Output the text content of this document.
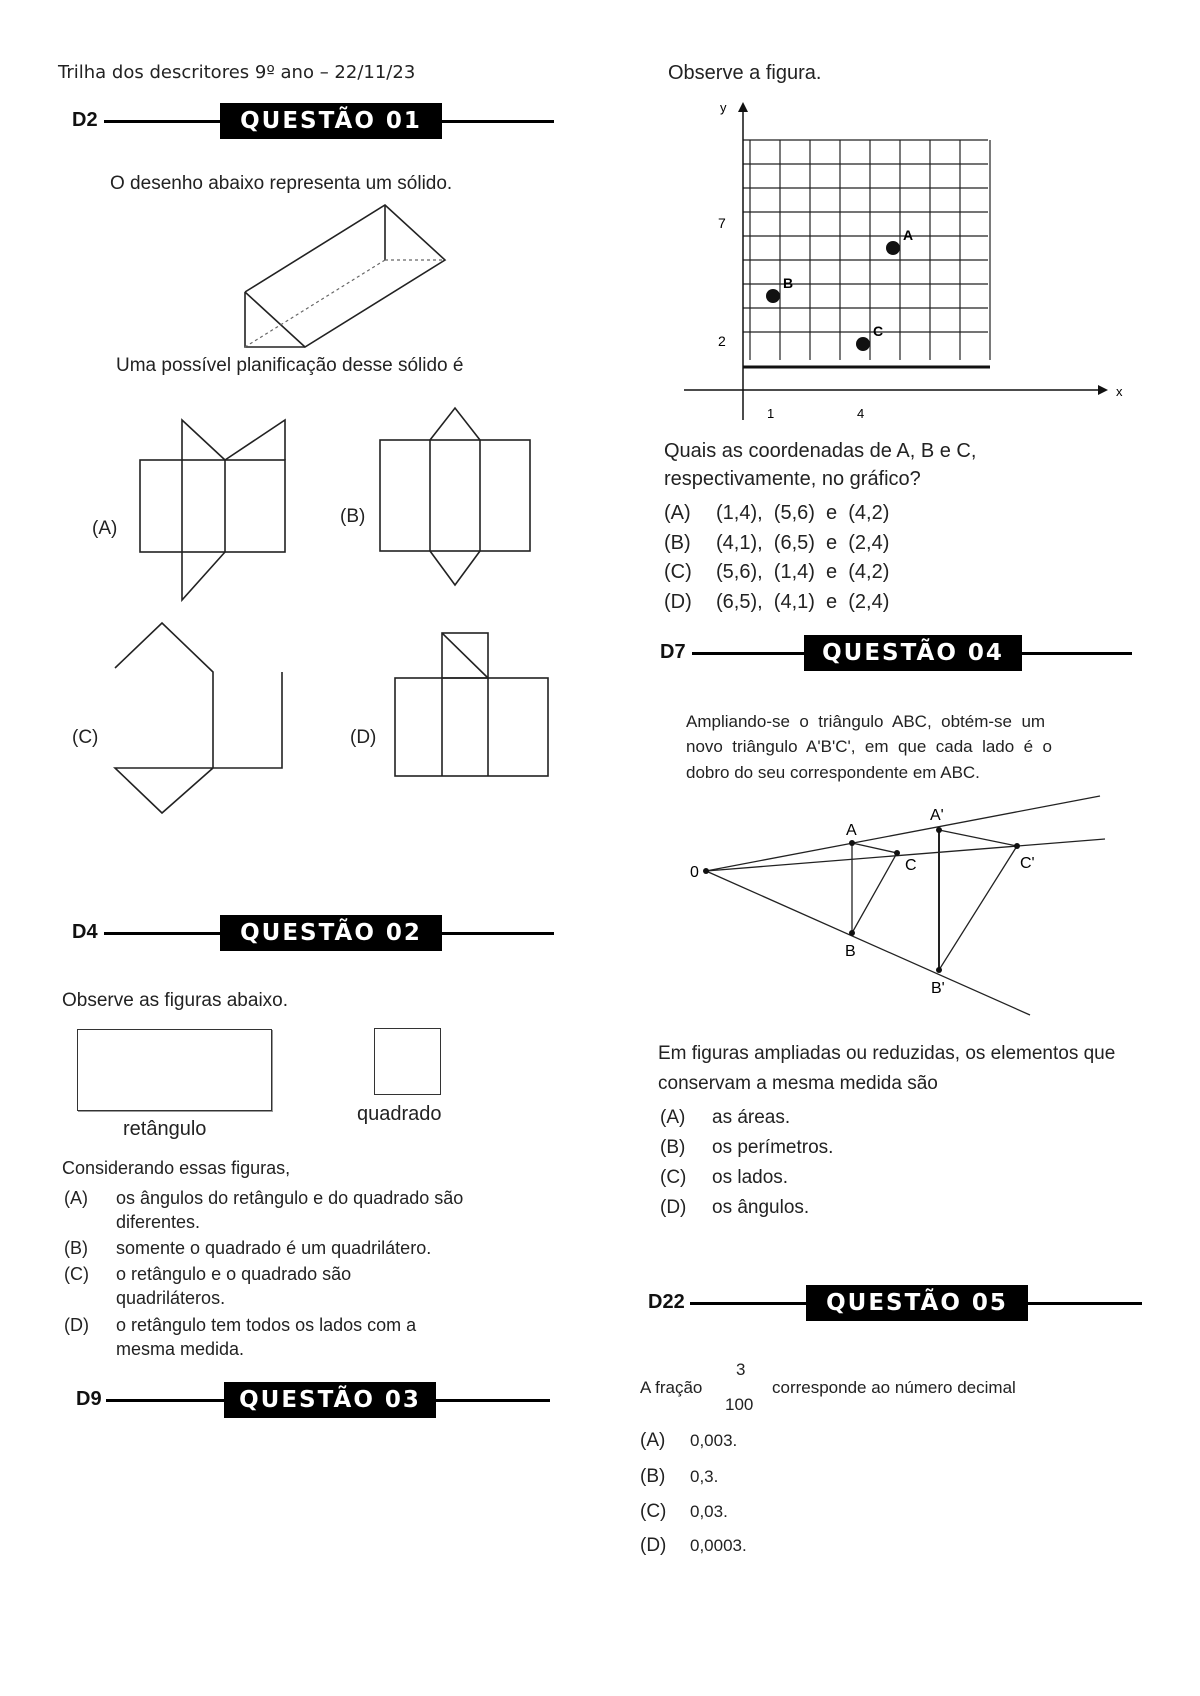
Trilha dos descritores 9º ano – 22/11/23
D2	QUESTÃO 01
O desenho abaixo representa um sólido.
Uma possível planificação desse sólido é
(A)
(B)
(C)	(D)
D4	QUESTÃO 02
Observe as figuras abaixo.
retângulo
quadrado
Considerando essas figuras,
(A) os ângulos do retângulo e do quadrado são
diferentes.
(B) somente o quadrado é um quadrilátero.
(C) o retângulo e o quadrado são
quadriláteros.
(D) o retângulo tem todos os lados com a
mesma medida.
D9	QUESTÃO 03
Observe a figura.
y
x
7
2
1	4
A
B
C
Quais as coordenadas de A, B e C,
respectivamente, no gráfico?
(A) (1,4),  (5,6)  e  (4,2)
(B) (4,1),  (6,5)  e  (2,4)
(C) (5,6),  (1,4)  e  (4,2)
(D) (6,5),  (4,1)  e  (2,4)
D7	QUESTÃO 04
Ampliando-se  o  triângulo  ABC,  obtém-se  um
novo  triângulo  A'B'C',  em  que  cada  lado  é  o
dobro do seu correspondente em ABC.
0
A
C
B
A'
C'
B'
Em figuras ampliadas ou reduzidas, os elementos que
conservam a mesma medida são
(A) as áreas.
(B) os perímetros.
(C) os lados.
(D) os ângulos.
D22	QUESTÃO 05
A fração
3
100
corresponde ao número decimal
(A) 0,003.
(B) 0,3.
(C) 0,03.
(D) 0,0003.
